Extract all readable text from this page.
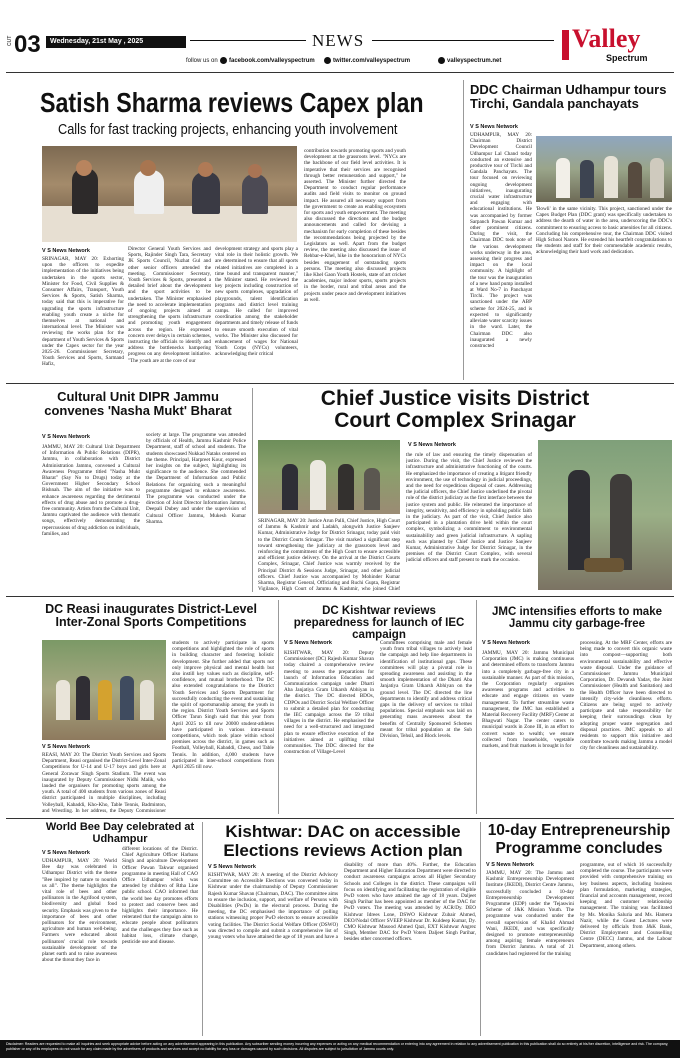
CUT 03 Wednesday, 21st May , 2025	NEWS
follow us on facebook.com/valleyspectrum	twitter.com/valleyspectrum	valleyspectrum.net
Valley
Spectrum
Satish Sharma reviews Capex plan
Calls for fast tracking projects, enhancing youth involvement
V S News Network
SRINAGAR, MAY 20: Exhorting upon the officers to expedite implementation of the initiatives being undertaken in the sports sector, Minister for Food, Civil Supplies & Consumer Affairs, Transport, Youth Services & Sports, Satish Sharma, today said that this is imperative for upgrading the sports infrastructure enabling youth create a niche for themselves at national and international level. The Minister was reviewing the works plan for the department of Youth Services & Sports under the Capex sector for the year 2025-26. Commissioner Secretary, Youth Services and Sports, Sarmand Hafiz,
Director General Youth Services and Sports, Rajinder Singh Tara, Secretary JK Sports Council, Nuzhat Gul and other senior officers attended the meeting. Commissioner Secretary, Youth Services & Sports, presented a detailed brief about the development and the sport activities to be undertaken. The Minister emphasised the need to accelerate implementation of ongoing projects aimed at strengthening the sports infrastructure and promoting youth engagement across the region. He expressed concern over delays in certain schemes, instructing the officials to identify and address the bottlenecks hampering progress on any development initiative. "The youth are at the core of our
development strategy and sports play a vital role in their holistic growth. We are determined to ensure that all sports related initiatives are completed in a time bound and transparent manner," the Minister stated. He reviewed the key projects including construction of new sports complexes, upgradation of playgrounds, talent identification programs and district level training camps. He called for improved coordination among the stakeholder departments and timely release of funds to ensure smooth execution of vital works. The Minister also discussed for enhancement of wages for National Youth Corps (NYCs) volunteers, acknowledging their critical
contribution towards promoting sports and youth development at the grassroots level. "NYCs are the backbone of our field level activities. It is imperative that their services are recognised through better remuneration and support," he asserted. The Minister further directed the Department to conduct regular performance audits and field visits to monitor on ground impact. He assured all necessary support from the government to create an enabling ecosystem for sports and youth empowerment. The meeting also discussed the directions and the budget announcements and called for devising a mechanism for early completion of these besides the recommendations being projected by the Legislators as well. Apart from the budget review, the meeting also discussed the issue of Rehbar-e-Khel, hike in the honorarium of NYCs besides engagement of outstanding sports persons. The meeting also discussed projects like Khel Gaon Youth Hostels, state of art cricket academies, major indoor sports, sports projects in the border, rural and tribal areas and the projects under peace and development initiatives as well.
DDC Chairman Udhampur tours Tirchi, Gandala panchayats
V S News Network
UDHAMPUR, MAY 20: Chairman District Development Council Udhampur Lal Chand today conducted an extensive and productive tour of Tirchi and Gandala Panchayats. The tour focused on reviewing ongoing development initiatives, inaugurating crucial water infrastructure and engaging with educational institutions. He was accompanied by former Sarpanch Pawan Kumar and other prominent citizens. During the visit, the Chairman DDC took note of the various development works underway in the area, assessing their progress and impact on the local community. A highlight of the tour was the inauguration of a new hand pump installed at Ward No-7 in Panchayat Tirchi. The project was sanctioned under the ABP scheme for 2024-25, and is expected to significantly alleviate water scarcity issues in the ward. Later, the Chairman DDC also inaugurated a newly constructed
'Bowli' in the same vicinity. This project, sanctioned under the Capex Budget Plan (DDC grant) was specifically undertaken to address the dearth of water in the area, underscoring the DDC's commitment to ensuring access to basic amenities for all citizens. Concluding his comprehensive tour, the Chairman DDC visited High School Narore. He extended his heartfelt congratulations to the students and staff for their commendable academic results, acknowledging their hard work and dedication.
Cultural Unit DIPR Jammu convenes 'Nasha Mukt' Bharat
V S News Network
JAMMU, MAY 20: Cultural Unit Department of Information & Public Relations (DIPR), Jammu, in collaboration with District Administration Jammu, convened a Cultural Awareness Programme titled "Nasha Mukt Bharat" (Say No to Drugs) today at the Government Higher Secondary School Bishnah. The aim of the initiative was to enhance awareness regarding the detrimental effects of drug abuse and to promote a drug-free community. Artists from the Cultural Unit, Jammu captivated the audience with thematic songs, effectively demonstrating the repercussions of drug addiction on individuals, families, and
society at large. The programme was attended by officials of Health, Jammu Kashmir Police Department, staff of school and students. The students showcased Nukkad Nataks centered on the theme. Principal, Harpreet Kour, expressed her insights on the subject, highlighting its significance to the audience. She commended the Department of Information and Public Relations for organizing such a meaningful programme designed to enhance awareness. The programme was conducted under the direction of Joint Director Information Jammu, Deepali Dubey and under the supervision of Cultural Officer Jammu, Mukesh Kumar Sharma.
Chief Justice visits District Court Complex Srinagar
V S News Network
SRINAGAR, MAY 20: Justice Arun Palli, Chief Justice, High Court of Jammu & Kashmir and Ladakh, alongwith Justice Sanjeev Kumar, Administrative Judge for District Srinagar, today paid visit to the District Courts Srinagar. The visit marked a significant step toward strengthening the judiciary at the grassroots level and reinforcing the commitment of the High Court to ensure accessible and efficient justice delivery. On the arrival at the District Courts Complex, Srinagar, Chief Justice was warmly received by the Principal District & Sessions Judge, Srinagar, and other judicial officers. Chief Justice was accompanied by Mohinder Kumar Sharma, Registrar General, Officiating and Ruchi Gupta, Registrar Vigilance, High Court of Jammu & Kashmir, who joined Chief
the rule of law and ensuring the timely dispensation of justice. During the visit, the Chief Justice reviewed the infrastructure and administrative functioning of the courts. He emphasized the importance of creating a litigant friendly environment, the use of technology in judicial proceedings, and the need for expeditious disposal of cases. Addressing the judicial officers, the Chief Justice underlined the pivotal role of the district judiciary as the first interface between the justice system and public. He reiterated the importance of integrity, sensitivity, and efficiency in upholding public faith in the judiciary. As part of the visit, Chief Justice also participated in a plantation drive held within the court complex, symbolizing a commitment to environmental sustainability and green judicial infrastructure. A sapling each was planted by Chief Justice and Justice Sanjeev Kumar, Administrative Judge for District Srinagar, in the premises of the District Court Complex, with several judicial officers and staff present to mark the occasion.
DC Reasi inaugurates District-Level Inter-Zonal Sports Competitions
V S News Network
REASI, MAY 20: The District Youth Services and Sports Department, Reasi organised the District-Level Inter-Zonal Competitions for U-14 and U-17 boys and girls here at General Zorawar Singh Sports Stadium. The event was inaugurated by Deputy Commissioner Nidhi Malik, who lauded the organisers for promoting sports among the youth. A total of 400 students from various zones of Reasi district participated in multiple disciplines, including Volleyball, Kabaddi, Kho-Kho, Table Tennis, Badminton, and Wrestling. In her address, the Deputy Commissioner
students to actively participate in sports competitions and highlighted the role of sports in building character and fostering holistic development. She further added that sports not only improve physical and mental health but also instill key values such as discipline, self-confidence, and mutual brotherhood. The DC also extended congratulations to the District Youth Services and Sports Department for successfully conducting the event and sustaining the spirit of sportsmanship among the youth in the region. District Youth Services and Sports Officer Tarun Singh said that this year from April 2025 to till now 20000 student-athletes have participated in various intra-mural competitions, which took place within school premises across the district, in games such as Football, Volleyball, Kabaddi, Chess, and Table Tennis. In addition, 4,000 students have participated in inter-school competitions from April 2025 till now.
DC Kishtwar reviews preparedness for launch of IEC campaign
V S News Network
KISHTWAR, MAY 20: Deputy Commissioner (DC) Rajesh Kumar Shavan today chaired a comprehensive review meeting to assess the preparations for launch of Information Education and Communication campaign under Dharti Aba Janjatiya Gram Utkarsh Abhiyan in the district. The DC directed BDOs, CDPOs and District Social Welfare Officer to submit a detailed plan for conducting the IEC campaign across the 59 tribal villages in the district. He emphasised the need for a well-structured and integrated plan to ensure effective execution of the initiatives aimed at uplifting tribal communities. The DDC directed for the construction of Village-Level
Committees comprising male and female youth from tribal villages to actively lead the campaign and help line departments in identification of institutional gaps. These committees will play a pivotal role in spreading awareness and assisting in the smooth implementation of the Dharti Aba Janjatiya Gram Utkarsh Abhiyan on the ground level. The DC directed the line departments to identify and address critical gaps in the delivery of services to tribal populations. Special emphasis was laid on generating mass awareness about the benefits of Centrally Sponsored Schemes meant for tribal population at the Sub Division, Tehsil, and Block levels.
JMC intensifies efforts to make Jammu city garbage-free
V S News Network
JAMMU, MAY 20: Jammu Municipal Corporation (JMC) is making continuous and determined efforts to transform Jammu into a completely garbage-free city in a sustainable manner. As part of this mission, the Corporation regularly organises awareness programs and activities to educate and engage citizens on waste management. To further streamline waste management, the JMC has established a Material Recovery Facility (MRF) Center at Bhagwati Nagar. The center caters to municipal wards in Zone III, in an effort to convert waste to wealth; we ensure collected from households, vegetable markets, and fruit markets is brought in for
processing. At the MRF Center, efforts are being made to convert this organic waste into compost—supporting both environmental sustainability and effective waste disposal. Under the guidance of Commissioner Jammu Municipal Corporation, Dr. Devansh Yadav, the Joint Commissioner (Health and Sanitation) and the Health Officer have been directed to intensify city-wide cleanliness efforts. Citizens are being urged to actively participate and take responsibility for keeping their surroundings clean by adopting proper waste segregation and disposal practices. JMC appeals to all residents to support this initiative and contribute towards making Jammu a model city for cleanliness and sustainability.
World Bee Day celebrated at Udhampur
V S News Network
UDHAMPUR, MAY 20: World Bee day was celebrated in Udhampur District with the theme "Bee inspired by nature to nourish us all". The theme highlights the vital role of bees and other pollinators in the Agrifood system, biodiversity and global food security. Emphasis was given to the importance of bees and other pollinators for the environment, agriculture and human well-being. Farmers were educated about pollinators' crucial role towards sustainable development of the planet earth and to raise awareness about the threat they face in
different locations of the District. Chief Agriculture Officer Harbans Singh and apiculture Development Officer Pawan Takwar organised programme in meeting Hall of CAO Office Udhampur which was attended by children of Rtha Line public school. CAO informed that the world bee day promotes efforts to protect and conserve bees and highlights their importance. He reiterated that the campaign aims to educate people about pollinators and the challenges they face such as habitat loss, climate change, pesticide use and disease.
Kishtwar: DAC on accessible Elections reviews Action plan
V S News Network
KISHTWAR, MAY 20: A meeting of the District Advisory Committee on Accessible Elections was convened today in Kishtwar under the chairmanship of Deputy Commissioner Rajesh Kumar Shavan (Chairman, DAC). The committee aims to ensure the inclusion, support, and welfare of Persons with Disabilities (PwDs) in the electoral process. During the meeting, the DC emphasised the importance of polling stations witnessing proper PwD electors to ensure accessible voting facilities. The District Social Welfare Officer (DSWO) was directed to compile and submit a comprehensive list of young voters who have attained the age of 18 years and have a
disability of more than 40%. Further, the Education Department and Higher Education Department were directed to conduct awareness campaigns across all Higher Secondary Schools and Colleges in the district. These campaigns will focus on identifying and facilitating the registration of eligible PwD voters who have attained the age of 18 years. Daljeet Singh Parihar has been appointed as member of the DAC for PwD voters. The meeting was attended by ACR/Dy. DEO Kishtwar Idrees Lone, DSWO Kishtwar Zubair Ahmed, DEO/Nodal Officer SVEEP Kishtwar Dr. Kuldeep Kumar, Dy. CMO Kishtwar Masood Ahmed Qazi, EXT Kishtwar Angrez Singh, Member DAC for PwD Voters Daljeet Singh Parihar, besides other concerned officers.
10-day Entrepreneurship Programme concludes
V S News Network
JAMMU, MAY 20: The Jammu and Kashmir Entrepreneurship Development Institute (JKEDI), District Centre Jammu, successfully concluded a 10-day Entrepreneurship Development Programme (EDP) under the 'Tejaswini Scheme of J&K Mission Youth. The programme was conducted under the overall supervision of Khalid Ahmad Wani, JKEDI, and was specifically designed to promote entrepreneurship among aspiring female entrepreneurs from District Jammu. A total of 21 candidates had registered for the training
programme, out of which 16 successfully completed the course. The participants were provided with comprehensive training on key business aspects, including business plan formulation, marketing strategies, financial and accounts management, record keeping and customer relationship management. The training was facilitated by Ms. Monika Saluria and Ms. Hamera Nazir, while the Guest Lectures were delivered by officials from J&K Bank, District Employment and Counselling Centre (DECC) Jammu, and the Labour Department, among others.
Disclaimer: Readers are requested to make all inquiries and seek appropriate advice before acting on any advertisement appearing in this publication. Any subscriber sending money incurring any expenses or acting on any medical recommendation or entering into any agreement in relation to any advertisement publication in this publication shall do so entirely at his/her discretion, intelligence and risk. The company, publisher or any of its employees do not vouch for any claim made by the advertisers of products and services and accept no liability for any loss or damages caused by such decisions. All disputes are subject to jurisdiction of Jammu courts only.
